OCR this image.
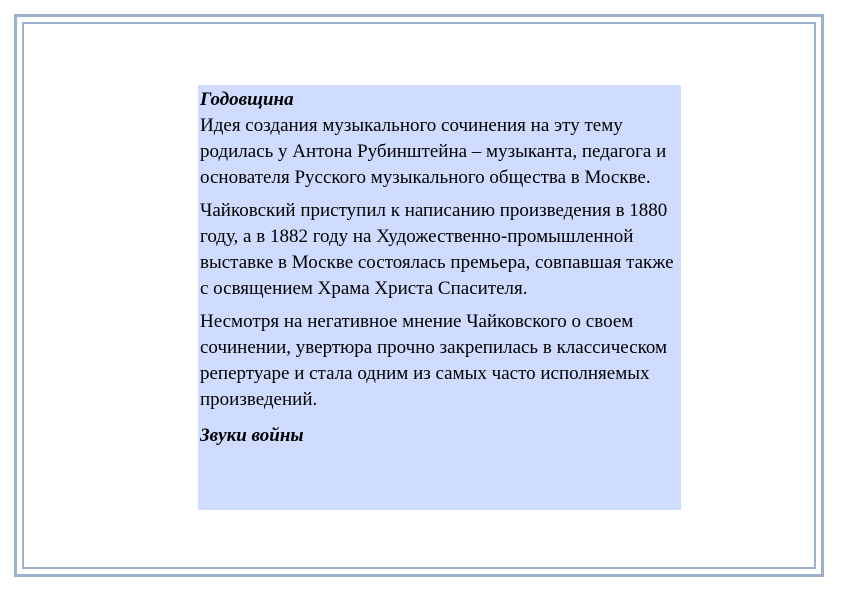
Годовщина

Идея создания музыкального сочинения на эту тему родилась у Антона Рубинштейна – музыканта, педагога и основателя Русского музыкального общества в Москве.

Чайковский приступил к написанию произведения в 1880 году, а в 1882 году на Художественно-промышленной выставке в Москве состоялась премьера, совпавшая также с освящением Храма Христа Спасителя.

Несмотря на негативное мнение Чайковского о своем сочинении, увертюра прочно закрепилась в классическом репертуаре и стала одним из самых часто исполняемых произведений.

Звуки войны
